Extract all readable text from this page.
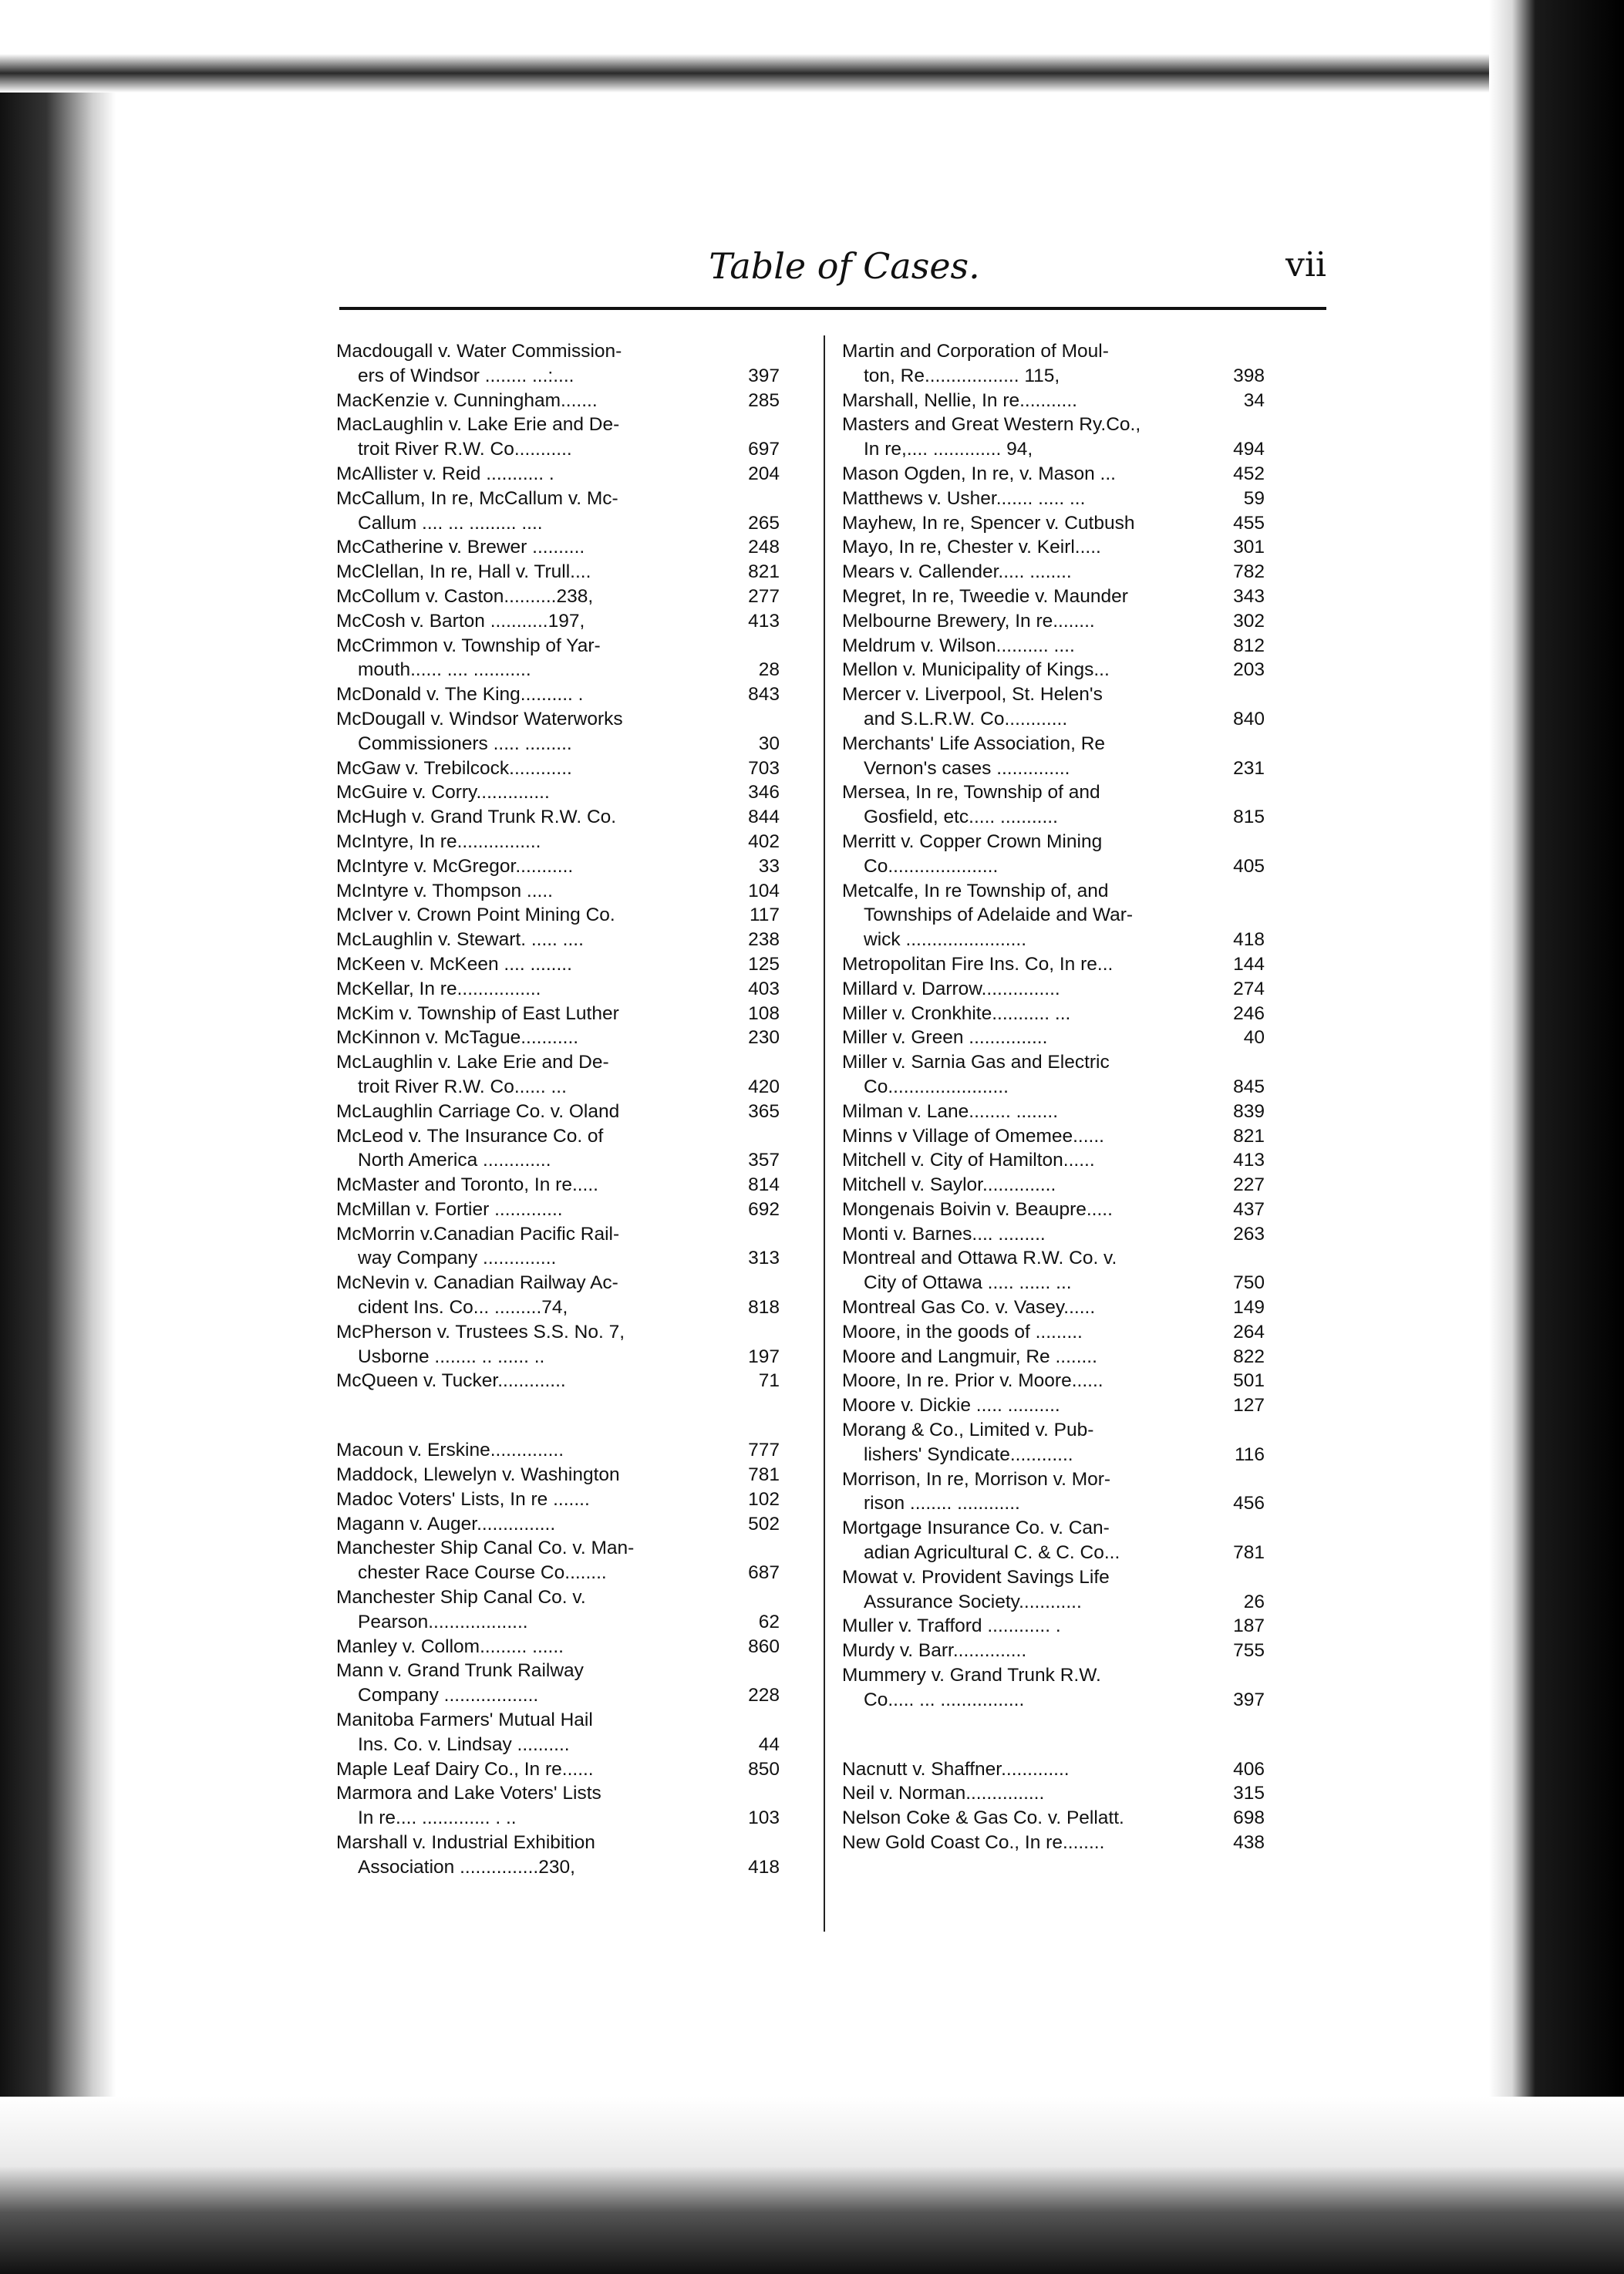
Table of Cases.	vii
Macdougall v. Water Commission-
ers of Windsor ........ ...:....	397
MacKenzie v. Cunningham.......	285
MacLaughlin v. Lake Erie and De-
troit River R.W. Co...........	697
McAllister v. Reid ........... .	204
McCallum, In re, McCallum v. Mc-
Callum .... ... ......... ....	265
McCatherine v. Brewer ..........	248
McClellan, In re, Hall v. Trull....	821
McCollum v. Caston..........238,	277
McCosh v. Barton ...........197,	413
McCrimmon v. Township of Yar-
mouth...... .... ...........	28
McDonald v. The King.......... .	843
McDougall v. Windsor Waterworks
Commissioners ..... .........	30
McGaw v. Trebilcock............	703
McGuire v. Corry..............	346
McHugh v. Grand Trunk R.W. Co.	844
McIntyre, In re................	402
McIntyre v. McGregor...........	33
McIntyre v. Thompson .....	104
McIver v. Crown Point Mining Co.	117
McLaughlin v. Stewart. ..... ....	238
McKeen v. McKeen .... ........	125
McKellar, In re................	403
McKim v. Township of East Luther	108
McKinnon v. McTague...........	230
McLaughlin v. Lake Erie and De-
troit River R.W. Co...... ...	420
McLaughlin Carriage Co. v. Oland	365
McLeod v. The Insurance Co. of
North America .............	357
McMaster and Toronto, In re.....	814
McMillan v. Fortier .............	692
McMorrin v.Canadian Pacific Rail-
way Company ..............	313
McNevin v. Canadian Railway Ac-
cident Ins. Co... .........74,	818
McPherson v. Trustees S.S. No. 7,
Usborne ........ .. ...... ..	197
McQueen v. Tucker.............	71
Macoun v. Erskine..............	777
Maddock, Llewelyn v. Washington	781
Madoc Voters' Lists, In re .......	102
Magann v. Auger...............	502
Manchester Ship Canal Co. v. Man-
chester Race Course Co........	687
Manchester Ship Canal Co. v.
Pearson...................	62
Manley v. Collom......... ......	860
Mann v. Grand Trunk Railway
Company ..................	228
Manitoba Farmers' Mutual Hail
Ins. Co. v. Lindsay ..........	44
Maple Leaf Dairy Co., In re......	850
Marmora and Lake Voters' Lists
In re.... ............. . ..	103
Marshall v. Industrial Exhibition
Association ...............230,	418
Martin and Corporation of Moul-
ton, Re.................. 115,	398
Marshall, Nellie, In re...........	34
Masters and Great Western Ry.Co.,
In re,.... ............. 94,	494
Mason Ogden, In re, v. Mason ...	452
Matthews v. Usher....... ..... ...	59
Mayhew, In re, Spencer v. Cutbush	455
Mayo, In re, Chester v. Keirl.....	301
Mears v. Callender..... ........	782
Megret, In re, Tweedie v. Maunder	343
Melbourne Brewery, In re........	302
Meldrum v. Wilson.......... ....	812
Mellon v. Municipality of Kings...	203
Mercer v. Liverpool, St. Helen's
and S.L.R.W. Co............	840
Merchants' Life Association, Re
Vernon's cases ..............	231
Mersea, In re, Township of and
Gosfield, etc..... ...........	815
Merritt v. Copper Crown Mining
Co.....................	405
Metcalfe, In re Township of, and
Townships of Adelaide and War-
wick .......................	418
Metropolitan Fire Ins. Co, In re...	144
Millard v. Darrow...............	274
Miller v. Cronkhite........... ...	246
Miller v. Green ...............	40
Miller v. Sarnia Gas and Electric
Co.......................	845
Milman v. Lane........ ........	839
Minns v Village of Omemee......	821
Mitchell v. City of Hamilton......	413
Mitchell v. Saylor..............	227
Mongenais Boivin v. Beaupre.....	437
Monti v. Barnes.... .........	263
Montreal and Ottawa R.W. Co. v.
City of Ottawa ..... ...... ...	750
Montreal Gas Co. v. Vasey......	149
Moore, in the goods of .........	264
Moore and Langmuir, Re ........	822
Moore, In re. Prior v. Moore......	501
Moore v. Dickie ..... ..........	127
Morang & Co., Limited v. Pub-
lishers' Syndicate............	116
Morrison, In re, Morrison v. Mor-
rison ........ ............	456
Mortgage Insurance Co. v. Can-
adian Agricultural C. & C. Co...	781
Mowat v. Provident Savings Life
Assurance Society............	26
Muller v. Trafford ............ .	187
Murdy v. Barr..............	755
Mummery v. Grand Trunk R.W.
Co..... ... ................	397
Nacnutt v. Shaffner.............	406
Neil v. Norman...............	315
Nelson Coke & Gas Co. v. Pellatt.	698
New Gold Coast Co., In re........	438
